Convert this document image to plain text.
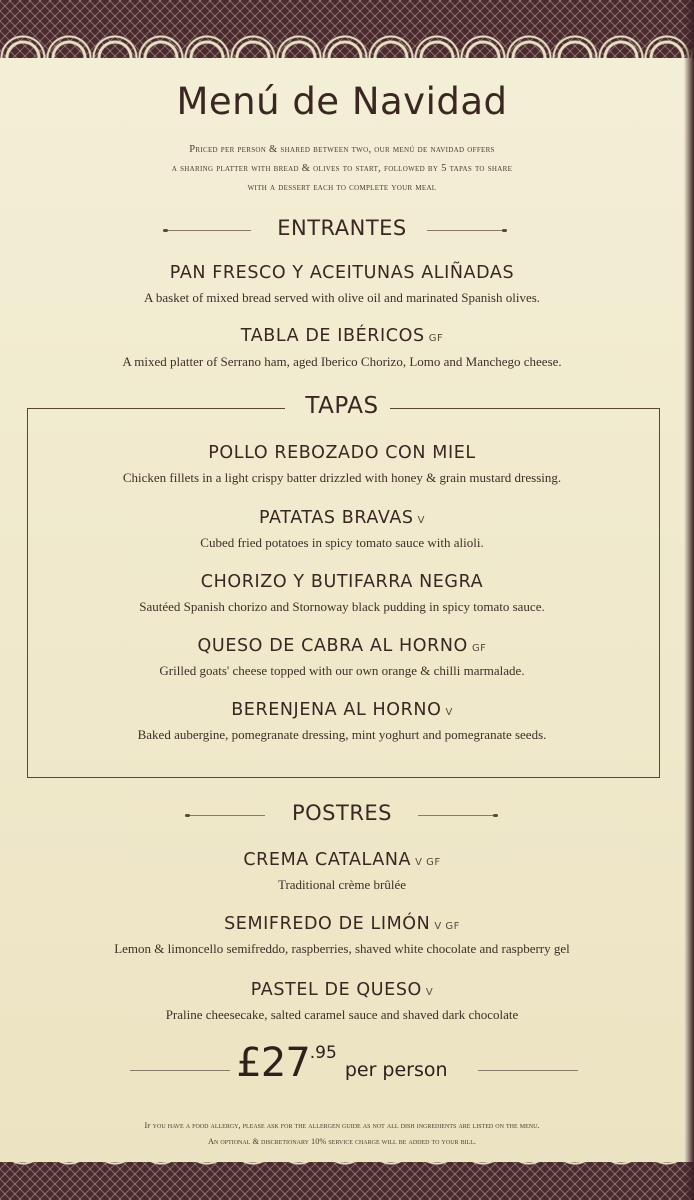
Menú de Navidad
Priced per person & shared between two, our menú de navidad offers
a sharing platter with bread & olives to start, followed by 5 tapas to share
with a dessert each to complete your meal
ENTRANTES
PAN FRESCO Y ACEITUNAS ALIÑADAS
A basket of mixed bread served with olive oil and marinated Spanish olives.
TABLA DE IBÉRICOS GF
A mixed platter of Serrano ham, aged Iberico Chorizo, Lomo and Manchego cheese.
TAPAS
POLLO REBOZADO CON MIEL
Chicken fillets in a light crispy batter drizzled with honey & grain mustard dressing.
PATATAS BRAVAS V
Cubed fried potatoes in spicy tomato sauce with alioli.
CHORIZO Y BUTIFARRA NEGRA
Sautéed Spanish chorizo and Stornoway black pudding in spicy tomato sauce.
QUESO DE CABRA AL HORNO GF
Grilled goats' cheese topped with our own orange & chilli marmalade.
BERENJENA AL HORNO V
Baked aubergine, pomegranate dressing, mint yoghurt and pomegranate seeds.
POSTRES
CREMA CATALANA V GF
Traditional crème brûlée
SEMIFREDO DE LIMÓN V GF
Lemon & limoncello semifreddo, raspberries, shaved white chocolate and raspberry gel
PASTEL DE QUESO V
Praline cheesecake, salted caramel sauce and shaved dark chocolate
£27.95per person
If you have a food allergy, please ask for the allergen guide as not all dish ingredients are listed on the menu.
An optional & discretionary 10% service charge will be added to your bill.
